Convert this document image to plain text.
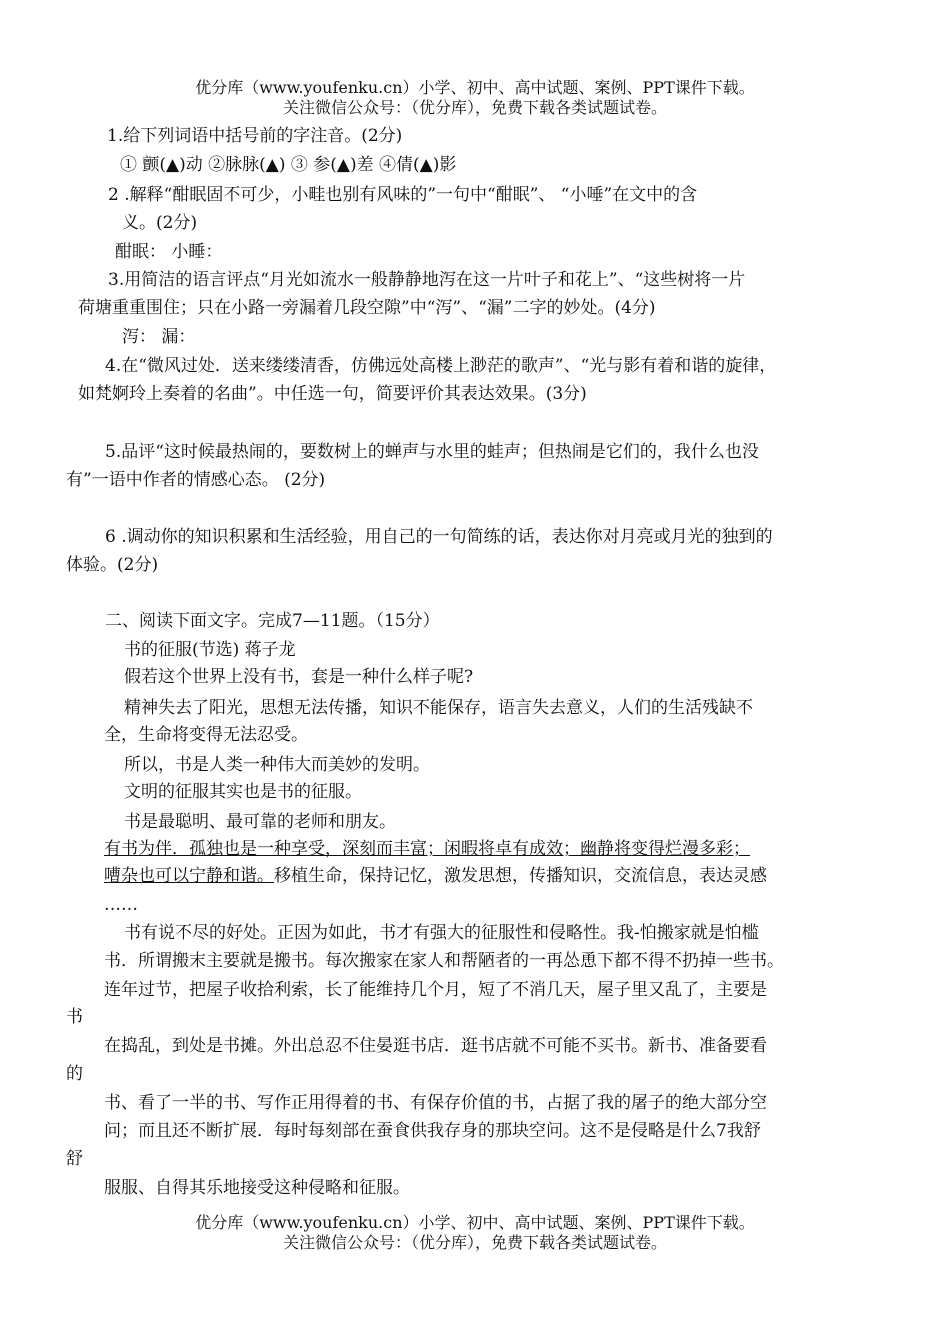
优分库（www.youfenku.cn）小学、初中、高中试题、案例、PPT课件下载。
关注微信公众号：（优分库），免费下载各类试题试卷。
1.给下列词语中括号前的字注音。(2分)
① 颤(▲)动 ②脉脉(▲) ③ 参(▲)差 ④倩(▲)影
2 .解释“酣眠固不可少，小畦也别有风味的”一句中“酣眠”、 “小唾”在文中的含
义。(2分)
酣眠： 小睡：
3.用简洁的语言评点“月光如流水一般静静地泻在这一片叶子和花上”、“这些树将一片
荷塘重重围住；只在小路一旁漏着几段空隙”中“泻”、“漏”二字的妙处。(4分)
泻： 漏：
4.在“微风过处．送来缕缕清香，仿佛远处高楼上渺茫的歌声”、“光与影有着和谐的旋律，
如梵婀玲上奏着的名曲”。中任选一句，简要评价其表达效果。(3分)
5.品评“这时候最热闹的，要数树上的蝉声与水里的蛙声；但热闹是它们的，我什么也没
有”一语中作者的情感心态。 (2分)
6 .调动你的知识积累和生活经验，用自己的一句简练的话，表达你对月亮或月光的独到的
体验。(2分)
二、阅读下面文字。完成7—11题。（15分）
书的征服(节选) 蒋子龙
假若这个世界上没有书，套是一种什么样子呢?
精神失去了阳光，思想无法传播，知识不能保存，语言失去意义，人们的生活残缺不
全，生命将变得无法忍受。
所以，书是人类一种伟大而美妙的发明。
文明的征服其实也是书的征服。
书是最聪明、最可靠的老师和朋友。
有书为伴．孤独也是一种享受，深刻而丰富；闲暇将卓有成效；幽静将变得烂漫多彩；
嘈杂也可以宁静和谐。移植生命，保持记忆，激发思想，传播知识，交流信息，表达灵感
……
书有说不尽的好处。正因为如此，书才有强大的征服性和侵略性。我-怕搬家就是怕槛
书．所谓搬末主要就是搬书。每次搬家在家人和帮陋者的一再怂恿下都不得不扔掉一些书。
连年过节，把屋子收拾利索，长了能维持几个月，短了不消几天，屋子里又乱了，主要是
书
在捣乱，到处是书摊。外出总忍不住晏逛书店．逛书店就不可能不买书。新书、准备要看
的
书、看了一半的书、写作正用得着的书、有保存价值的书，占据了我的屠子的绝大部分空
问；而且还不断扩展．每时每刻部在蚕食供我存身的那块空问。这不是侵略是什么7我舒
舒
服服、自得其乐地接受这种侵略和征服。
优分库（www.youfenku.cn）小学、初中、高中试题、案例、PPT课件下载。
关注微信公众号：（优分库），免费下载各类试题试卷。
